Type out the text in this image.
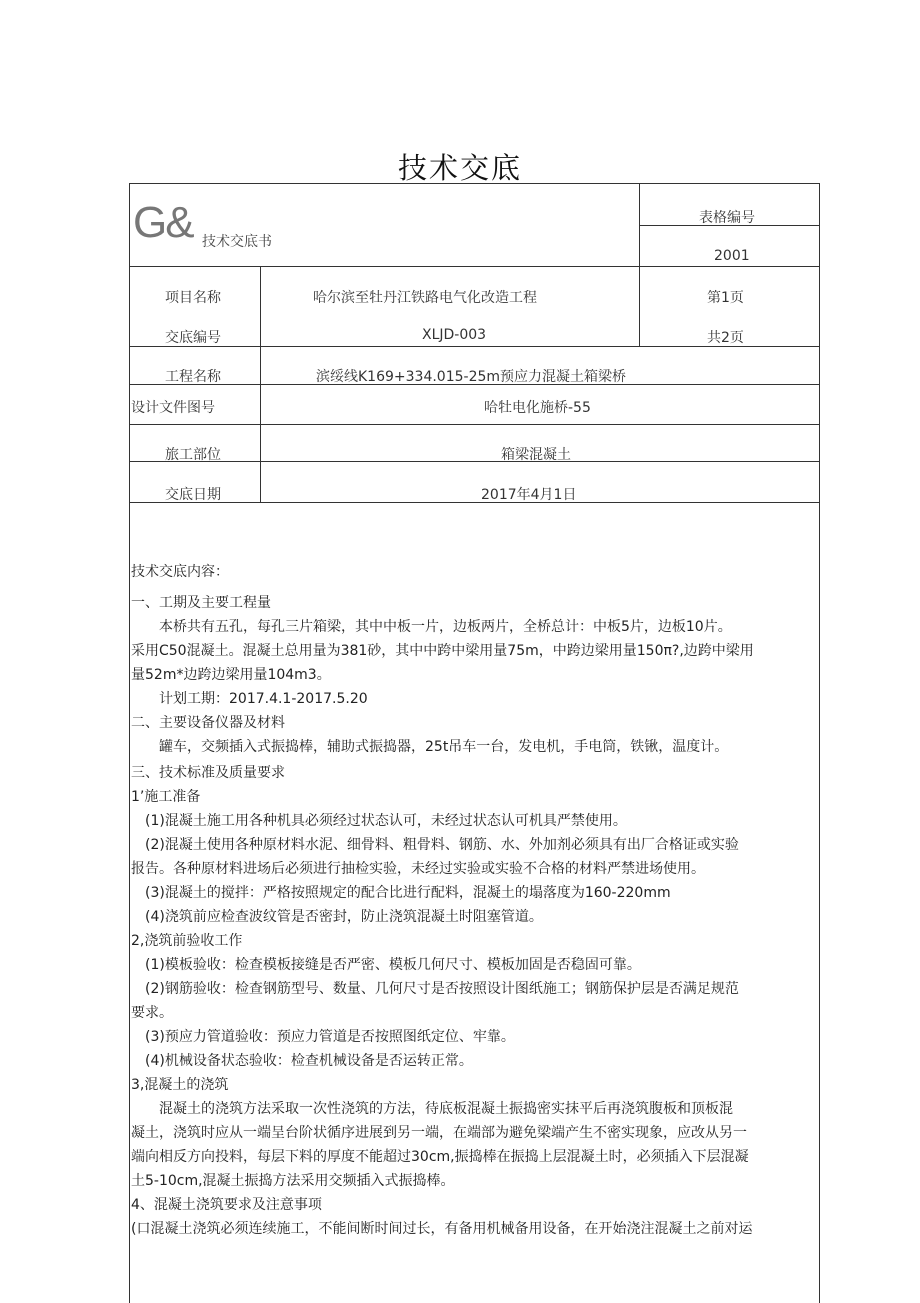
技术交底
G& 技术交底书
表格编号
2001
项目名称	哈尔滨至牡丹江铁路电气化改造工程	第1页
交底编号	XLJD-003	共2页
工程名称	滨绥线K169+334.015-25m预应力混凝土箱梁桥
设计文件图号	哈牡电化施桥-55
旅工部位	箱梁混凝土
交底日期	2017年4月1日
技术交底内容：
一、工期及主要工程量
　　本桥共有五孔，每孔三片箱梁，其中中板一片，边板两片，全桥总计：中板5片，边板10片。
采用C50混凝土。混凝土总用量为381砂，其中中跨中梁用量75m，中跨边梁用量150π?,边跨中梁用
量52m*边跨边梁用量104m3。
　　计划工期：2017.4.1-2017.5.20
二、主要设备仪器及材料
　　罐车，交频插入式振捣棒，辅助式振捣器，25t吊车一台，发电机，手电筒，铁锹，温度计。
三、技术标准及质量要求
1’施工准备
　(1)混凝土施工用各种机具必须经过状态认可，未经过状态认可机具严禁使用。
　(2)混凝土使用各种原材料水泥、细骨料、粗骨料、钢筋、水、外加剂必须具有出厂合格证或实验
报告。各种原材料进场后必须进行抽检实验，未经过实验或实验不合格的材料严禁进场使用。
　(3)混凝土的搅拌：严格按照规定的配合比进行配料，混凝土的塌落度为160-220mm
　(4)浇筑前应检查波纹管是否密封，防止浇筑混凝土时阻塞管道。
2,浇筑前验收工作
　(1)模板验收：检查模板接缝是否严密、模板几何尺寸、模板加固是否稳固可靠。
　(2)钢筋验收：检查钢筋型号、数量、几何尺寸是否按照设计图纸施工；钢筋保护层是否满足规范
要求。
　(3)预应力管道验收：预应力管道是否按照图纸定位、牢靠。
　(4)机械设备状态验收：检查机械设备是否运转正常。
3,混凝土的浇筑
　　混凝土的浇筑方法采取一次性浇筑的方法，待底板混凝土振捣密实抹平后再浇筑腹板和顶板混
凝土，浇筑时应从一端呈台阶状循序进展到另一端，在端部为避免梁端产生不密实现象，应改从另一
端向相反方向投料，每层下料的厚度不能超过30cm,振捣棒在振捣上层混凝土时，必须插入下层混凝
土5-10cm,混凝土振捣方法采用交频插入式振捣棒。
4、混凝土浇筑要求及注意事项
(口混凝土浇筑必须连续施工，不能间断时间过长，有备用机械备用设备，在开始浇注混凝土之前对运
